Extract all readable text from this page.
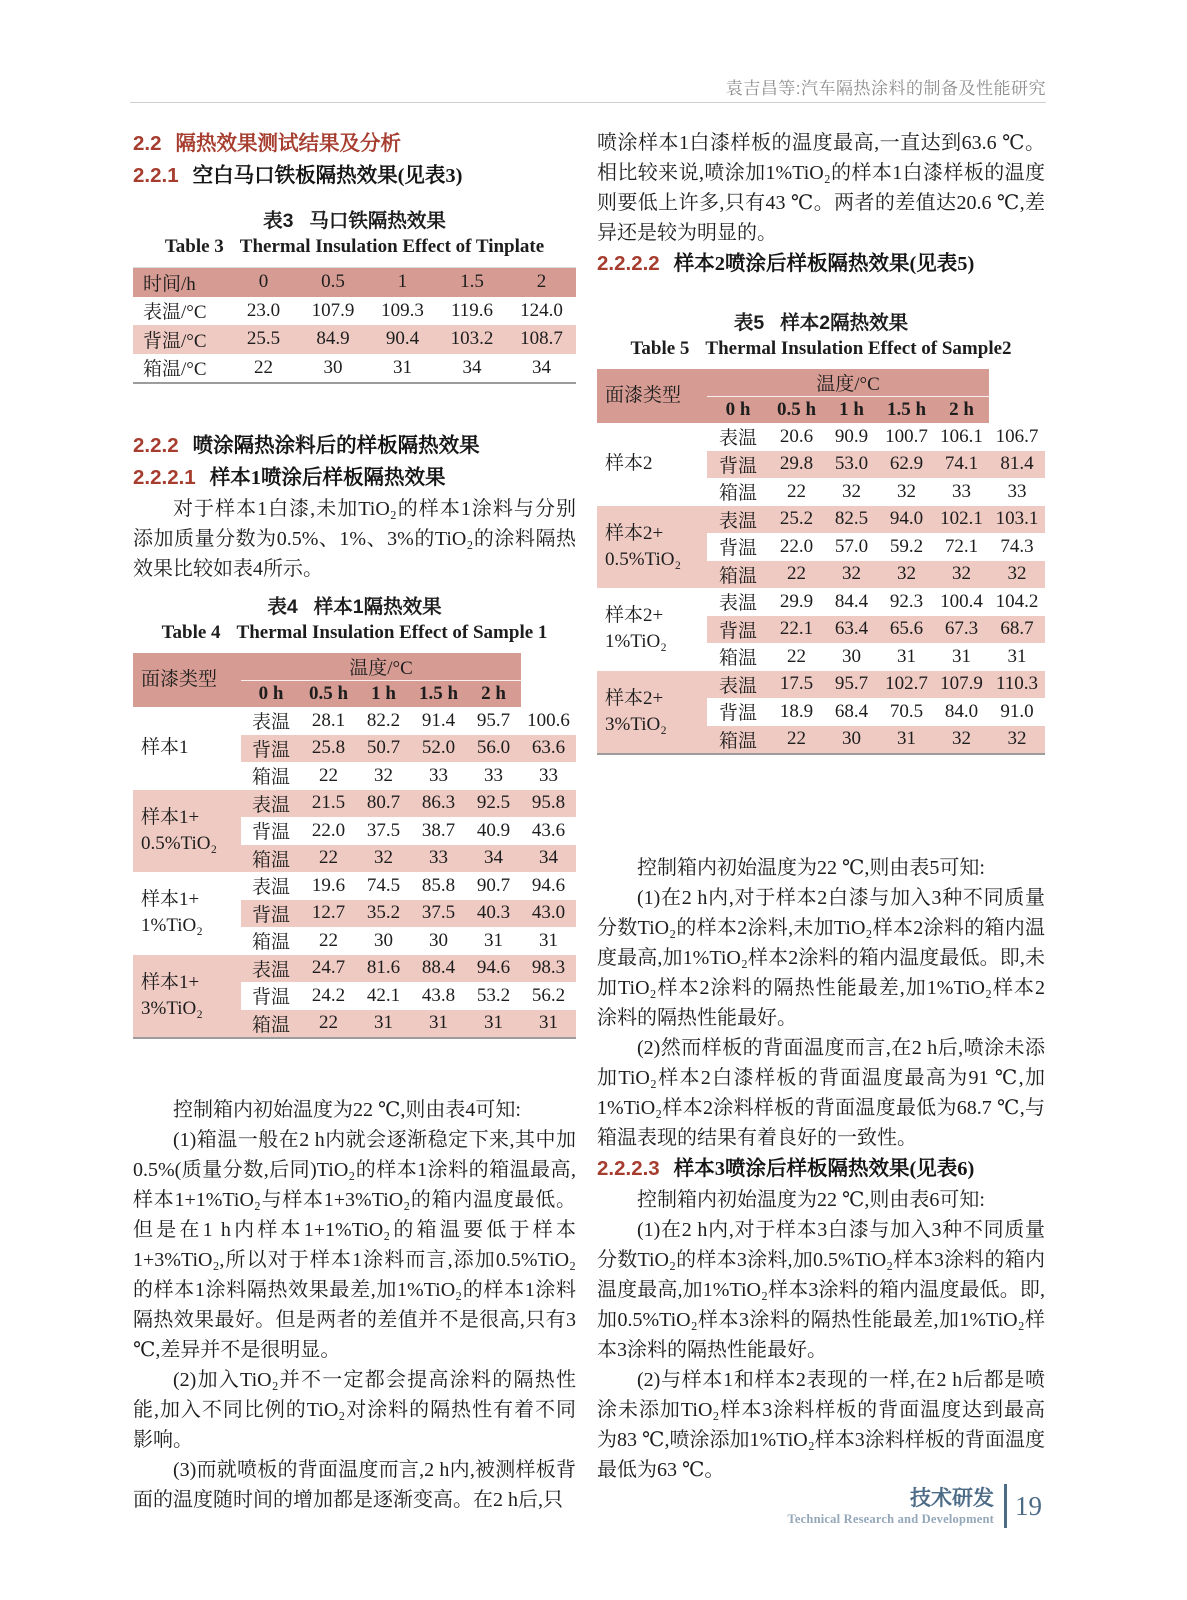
袁吉昌等:汽车隔热涂料的制备及性能研究
2.2 隔热效果测试结果及分析
2.2.1 空白马口铁板隔热效果(见表3)

表3 马口铁隔热效果

Table 3 Thermal Insulation Effect of Tinplate

时间/h	0	0.5	1	1.5	2
表温/°C	23.0	107.9	109.3	119.6	124.0
背温/°C	25.5	84.9	90.4	103.2	108.7
箱温/°C	22	30	31	34	34
2.2.2 喷涂隔热涂料后的样板隔热效果
2.2.2.1 样本1喷涂后样板隔热效果

对于样本1白漆,未加TiO₂的样本1涂料与分别添加质量分数为0.5%、1%、3%的TiO₂的涂料隔热效果比较如表4所示。

表4 样本1隔热效果

Table 4 Thermal Insulation Effect of Sample 1

面漆类型	温度/°C					
	0 h	0.5 h	1 h	1.5 h	2 h	
样本1	表温	28.1	82.2	91.4	95.7	100.6
	背温	25.8	50.7	52.0	56.0	63.6
	箱温	22	32	33	33	33
样本1+
0.5%TiO₂	表温	21.5	80.7	86.3	92.5	95.8
	背温	22.0	37.5	38.7	40.9	43.6
	箱温	22	32	33	34	34
样本1+
1%TiO₂	表温	19.6	74.5	85.8	90.7	94.6
	背温	12.7	35.2	37.5	40.3	43.0
	箱温	22	30	30	31	31
样本1+
3%TiO₂	表温	24.7	81.6	88.4	94.6	98.3
	背温	24.2	42.1	43.8	53.2	56.2
	箱温	22	31	31	31	31

控制箱内初始温度为22 ℃,则由表4可知:

(1)箱温一般在2 h内就会逐渐稳定下来,其中加0.5%(质量分数,后同)TiO₂的样本1涂料的箱温最高,样本1+1%TiO₂与样本1+3%TiO₂的箱内温度最低。但是在1 h内样本1+1%TiO₂的箱温要低于样本1+3%TiO₂,所以对于样本1涂料而言,添加0.5%TiO₂的样本1涂料隔热效果最差,加1%TiO₂的样本1涂料隔热效果最好。但是两者的差值并不是很高,只有3 ℃,差异并不是很明显。

(2)加入TiO₂并不一定都会提高涂料的隔热性能,加入不同比例的TiO₂对涂料的隔热性有着不同影响。

(3)而就喷板的背面温度而言,2 h内,被测样板背面的温度随时间的增加都是逐渐变高。在2 h后,只

喷涂样本1白漆样板的温度最高,一直达到63.6 ℃。相比较来说,喷涂加1%TiO₂的样本1白漆样板的温度则要低上许多,只有43 ℃。两者的差值达20.6 ℃,差异还是较为明显的。

2.2.2.2 样本2喷涂后样板隔热效果(见表5)

表5 样本2隔热效果

Table 5 Thermal Insulation Effect of Sample2

面漆类型	温度/°C					
	0 h	0.5 h	1 h	1.5 h	2 h	
样本2	表温	20.6	90.9	100.7	106.1	106.7
	背温	29.8	53.0	62.9	74.1	81.4
	箱温	22	32	32	33	33
样本2+
0.5%TiO₂	表温	25.2	82.5	94.0	102.1	103.1
	背温	22.0	57.0	59.2	72.1	74.3
	箱温	22	32	32	32	32
样本2+
1%TiO₂	表温	29.9	84.4	92.3	100.4	104.2
	背温	22.1	63.4	65.6	67.3	68.7
	箱温	22	30	31	31	31
样本2+
3%TiO₂	表温	17.5	95.7	102.7	107.9	110.3
	背温	18.9	68.4	70.5	84.0	91.0
	箱温	22	30	31	32	32

控制箱内初始温度为22 ℃,则由表5可知:

(1)在2 h内,对于样本2白漆与加入3种不同质量分数TiO₂的样本2涂料,未加TiO₂样本2涂料的箱内温度最高,加1%TiO₂样本2涂料的箱内温度最低。即,未加TiO₂样本2涂料的隔热性能最差,加1%TiO₂样本2涂料的隔热性能最好。

(2)然而样板的背面温度而言,在2 h后,喷涂未添加TiO₂样本2白漆样板的背面温度最高为91 ℃,加1%TiO₂样本2涂料样板的背面温度最低为68.7 ℃,与箱温表现的结果有着良好的一致性。

2.2.2.3 样本3喷涂后样板隔热效果(见表6)

控制箱内初始温度为22 ℃,则由表6可知:

(1)在2 h内,对于样本3白漆与加入3种不同质量分数TiO₂的样本3涂料,加0.5%TiO₂样本3涂料的箱内温度最高,加1%TiO₂样本3涂料的箱内温度最低。即,加0.5%TiO₂样本3涂料的隔热性能最差,加1%TiO₂样本3涂料的隔热性能最好。

(2)与样本1和样本2表现的一样,在2 h后都是喷涂未添加TiO₂样本3涂料样板的背面温度达到最高为83 ℃,喷涂添加1%TiO₂样本3涂料样板的背面温度最低为63 ℃。

技术研发
Technical Research and Development 19
